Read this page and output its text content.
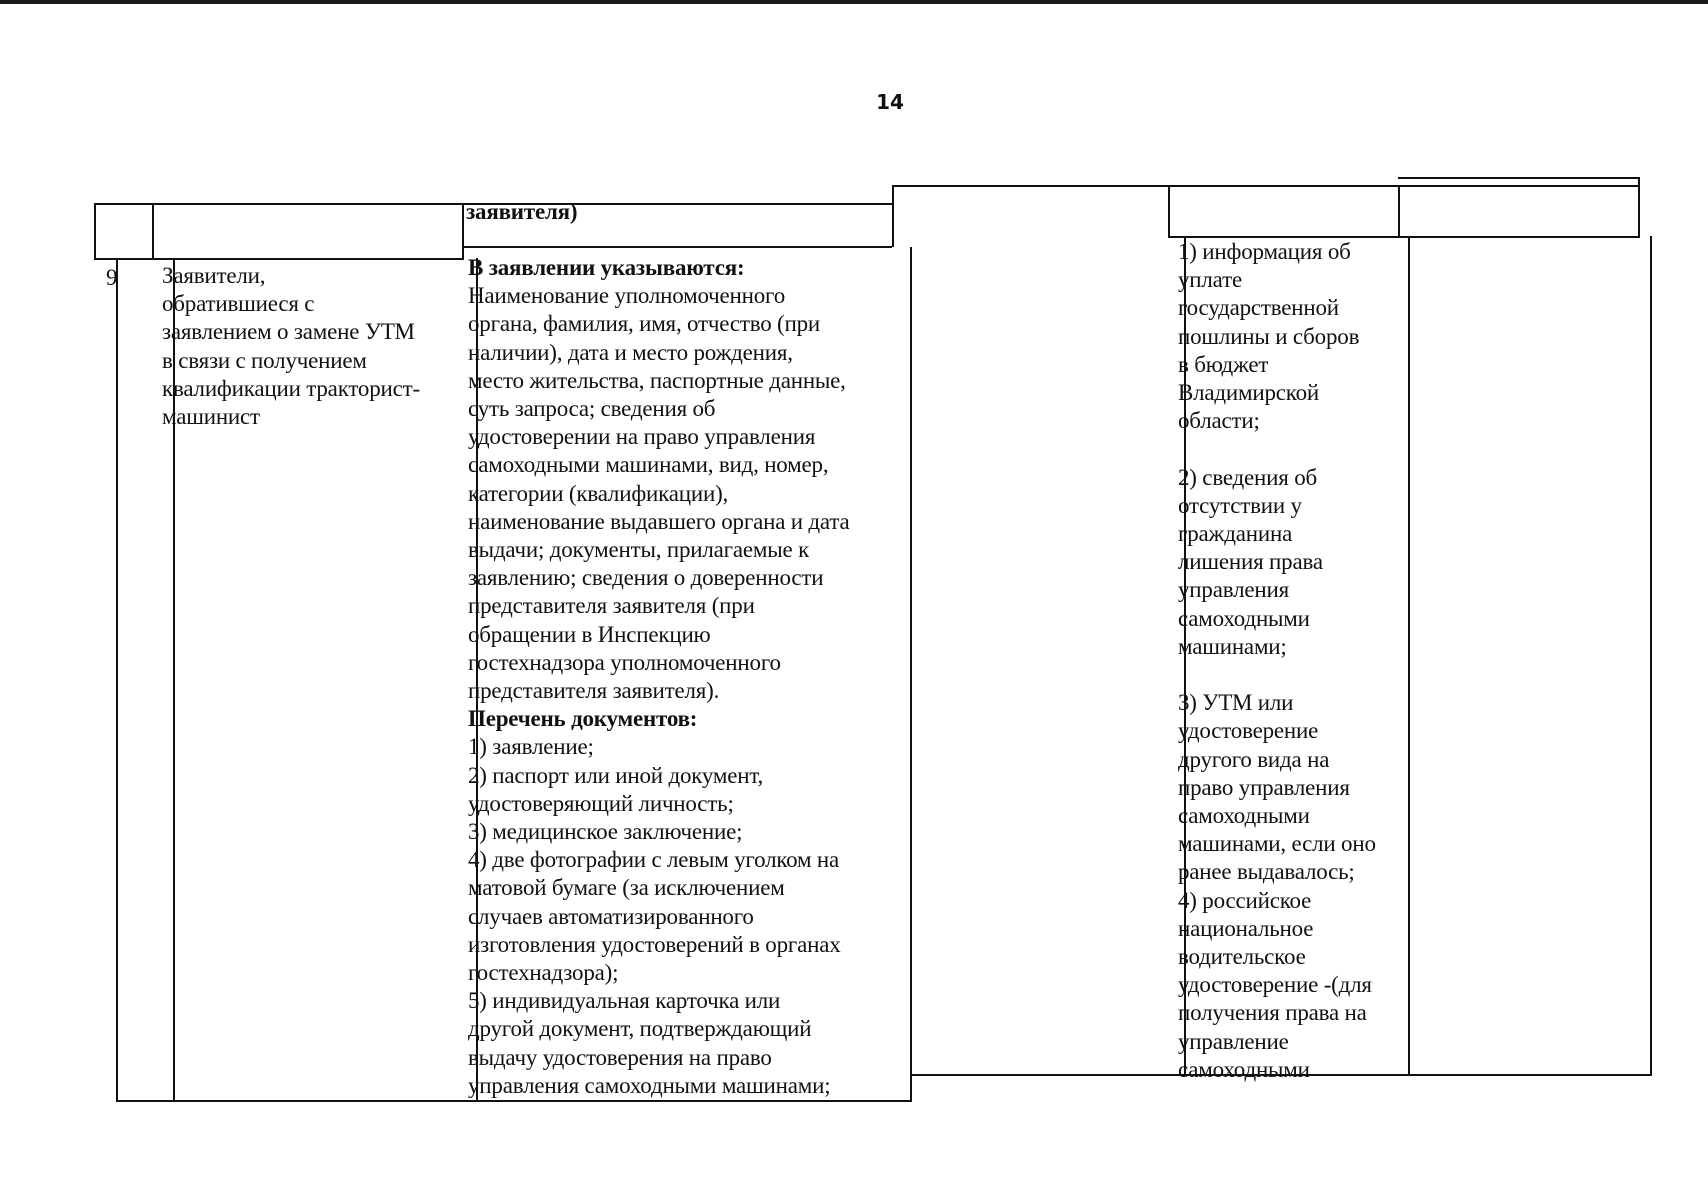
14
заявителя)
9 Заявители,
обратившиеся с
заявлением о замене УТМ
в связи с получением
квалификации тракторист-
машинист
В заявлении указываются:
Наименование уполномоченного
органа, фамилия, имя, отчество (при
наличии), дата и место рождения,
место жительства, паспортные данные,
суть запроса; сведения об
удостоверении на право управления
самоходными машинами, вид, номер,
категории (квалификации),
наименование выдавшего органа и дата
выдачи; документы, прилагаемые к
заявлению; сведения о доверенности
представителя заявителя (при
обращении в Инспекцию
гостехнадзора уполномоченного
представителя заявителя).
Перечень документов:
1) заявление;
2) паспорт или иной документ,
удостоверяющий личность;
3) медицинское заключение;
4) две фотографии с левым уголком на
матовой бумаге (за исключением
случаев автоматизированного
изготовления удостоверений в органах
гостехнадзора);
5) индивидуальная карточка или
другой документ, подтверждающий
выдачу удостоверения на право
управления самоходными машинами;
1) информация об
уплате
государственной
пошлины и сборов
в бюджет
Владимирской
области;

2) сведения об
отсутствии у
гражданина
лишения права
управления
самоходными
машинами;

3) УТМ или
удостоверение
другого вида на
право управления
самоходными
машинами, если оно
ранее выдавалось;
4) российское
национальное
водительское
удостоверение -(для
получения права на
управление
самоходными
